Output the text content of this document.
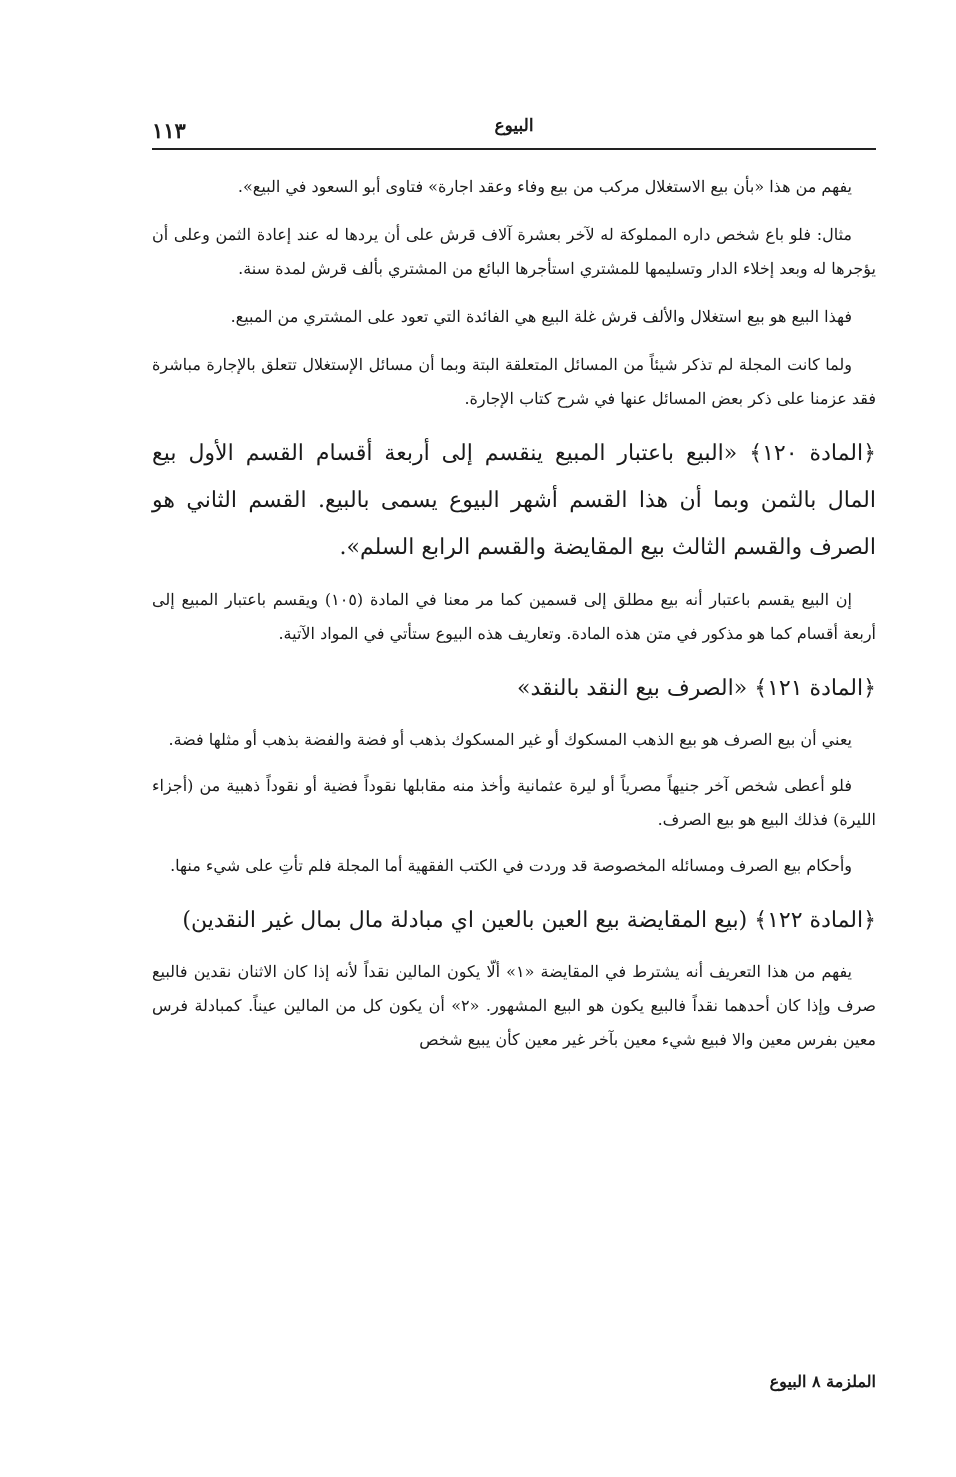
البيوع
١١٣

يفهم من هذا «بأن بيع الاستغلال مركب من بيع وفاء وعقد اجارة» فتاوى أبو السعود في البيع».

مثال: فلو باع شخص داره المملوكة له لآخر بعشرة آلاف قرش على أن يردها له عند إعادة الثمن وعلى أن يؤجرها له وبعد إخلاء الدار وتسليمها للمشتري استأجرها البائع من المشتري بألف قرش لمدة سنة.

فهذا البيع هو بيع استغلال والألف قرش غلة البيع هي الفائدة التي تعود على المشتري من المبيع.

ولما كانت المجلة لم تذكر شيئاً من المسائل المتعلقة البتة وبما أن مسائل الإستغلال تتعلق بالإجارة مباشرة فقد عزمنا على ذكر بعض المسائل عنها في شرح كتاب الإجارة.

﴿المادة ١٢٠﴾ «البيع باعتبار المبيع ينقسم إلى أربعة أقسام القسم الأول بيع المال بالثمن وبما أن هذا القسم أشهر البيوع يسمى بالبيع. القسم الثاني هو الصرف والقسم الثالث بيع المقايضة والقسم الرابع السلم».

إن البيع يقسم باعتبار أنه بيع مطلق إلى قسمين كما مر معنا في المادة (١٠٥) ويقسم باعتبار المبيع إلى أربعة أقسام كما هو مذكور في متن هذه المادة. وتعاريف هذه البيوع ستأتي في المواد الآتية.

﴿المادة ١٢١﴾ «الصرف بيع النقد بالنقد»

يعني أن بيع الصرف هو بيع الذهب المسكوك أو غير المسكوك بذهب أو فضة والفضة بذهب أو مثلها فضة.

فلو أعطى شخص آخر جنيهاً مصرياً أو ليرة عثمانية وأخذ منه مقابلها نقوداً فضية أو نقوداً ذهبية من (أجزاء الليرة) فذلك البيع هو بيع الصرف.

وأحكام بيع الصرف ومسائله المخصوصة قد وردت في الكتب الفقهية أما المجلة فلم تأتِ على شيء منها.

﴿المادة ١٢٢﴾ (بيع المقايضة بيع العين بالعين اي مبادلة مال بمال غير النقدين)

يفهم من هذا التعريف أنه يشترط في المقايضة «١» ألّا يكون المالين نقداً لأنه إذا كان الاثنان نقدين فالبيع صرف وإذا كان أحدهما نقداً فالبيع يكون هو البيع المشهور. «٢» أن يكون كل من المالين عيناً. كمبادلة فرس معين بفرس معين والا فبيع شيء معين بآخر غير معين كأن يبيع شخص

الملزمة ٨ البيوع
